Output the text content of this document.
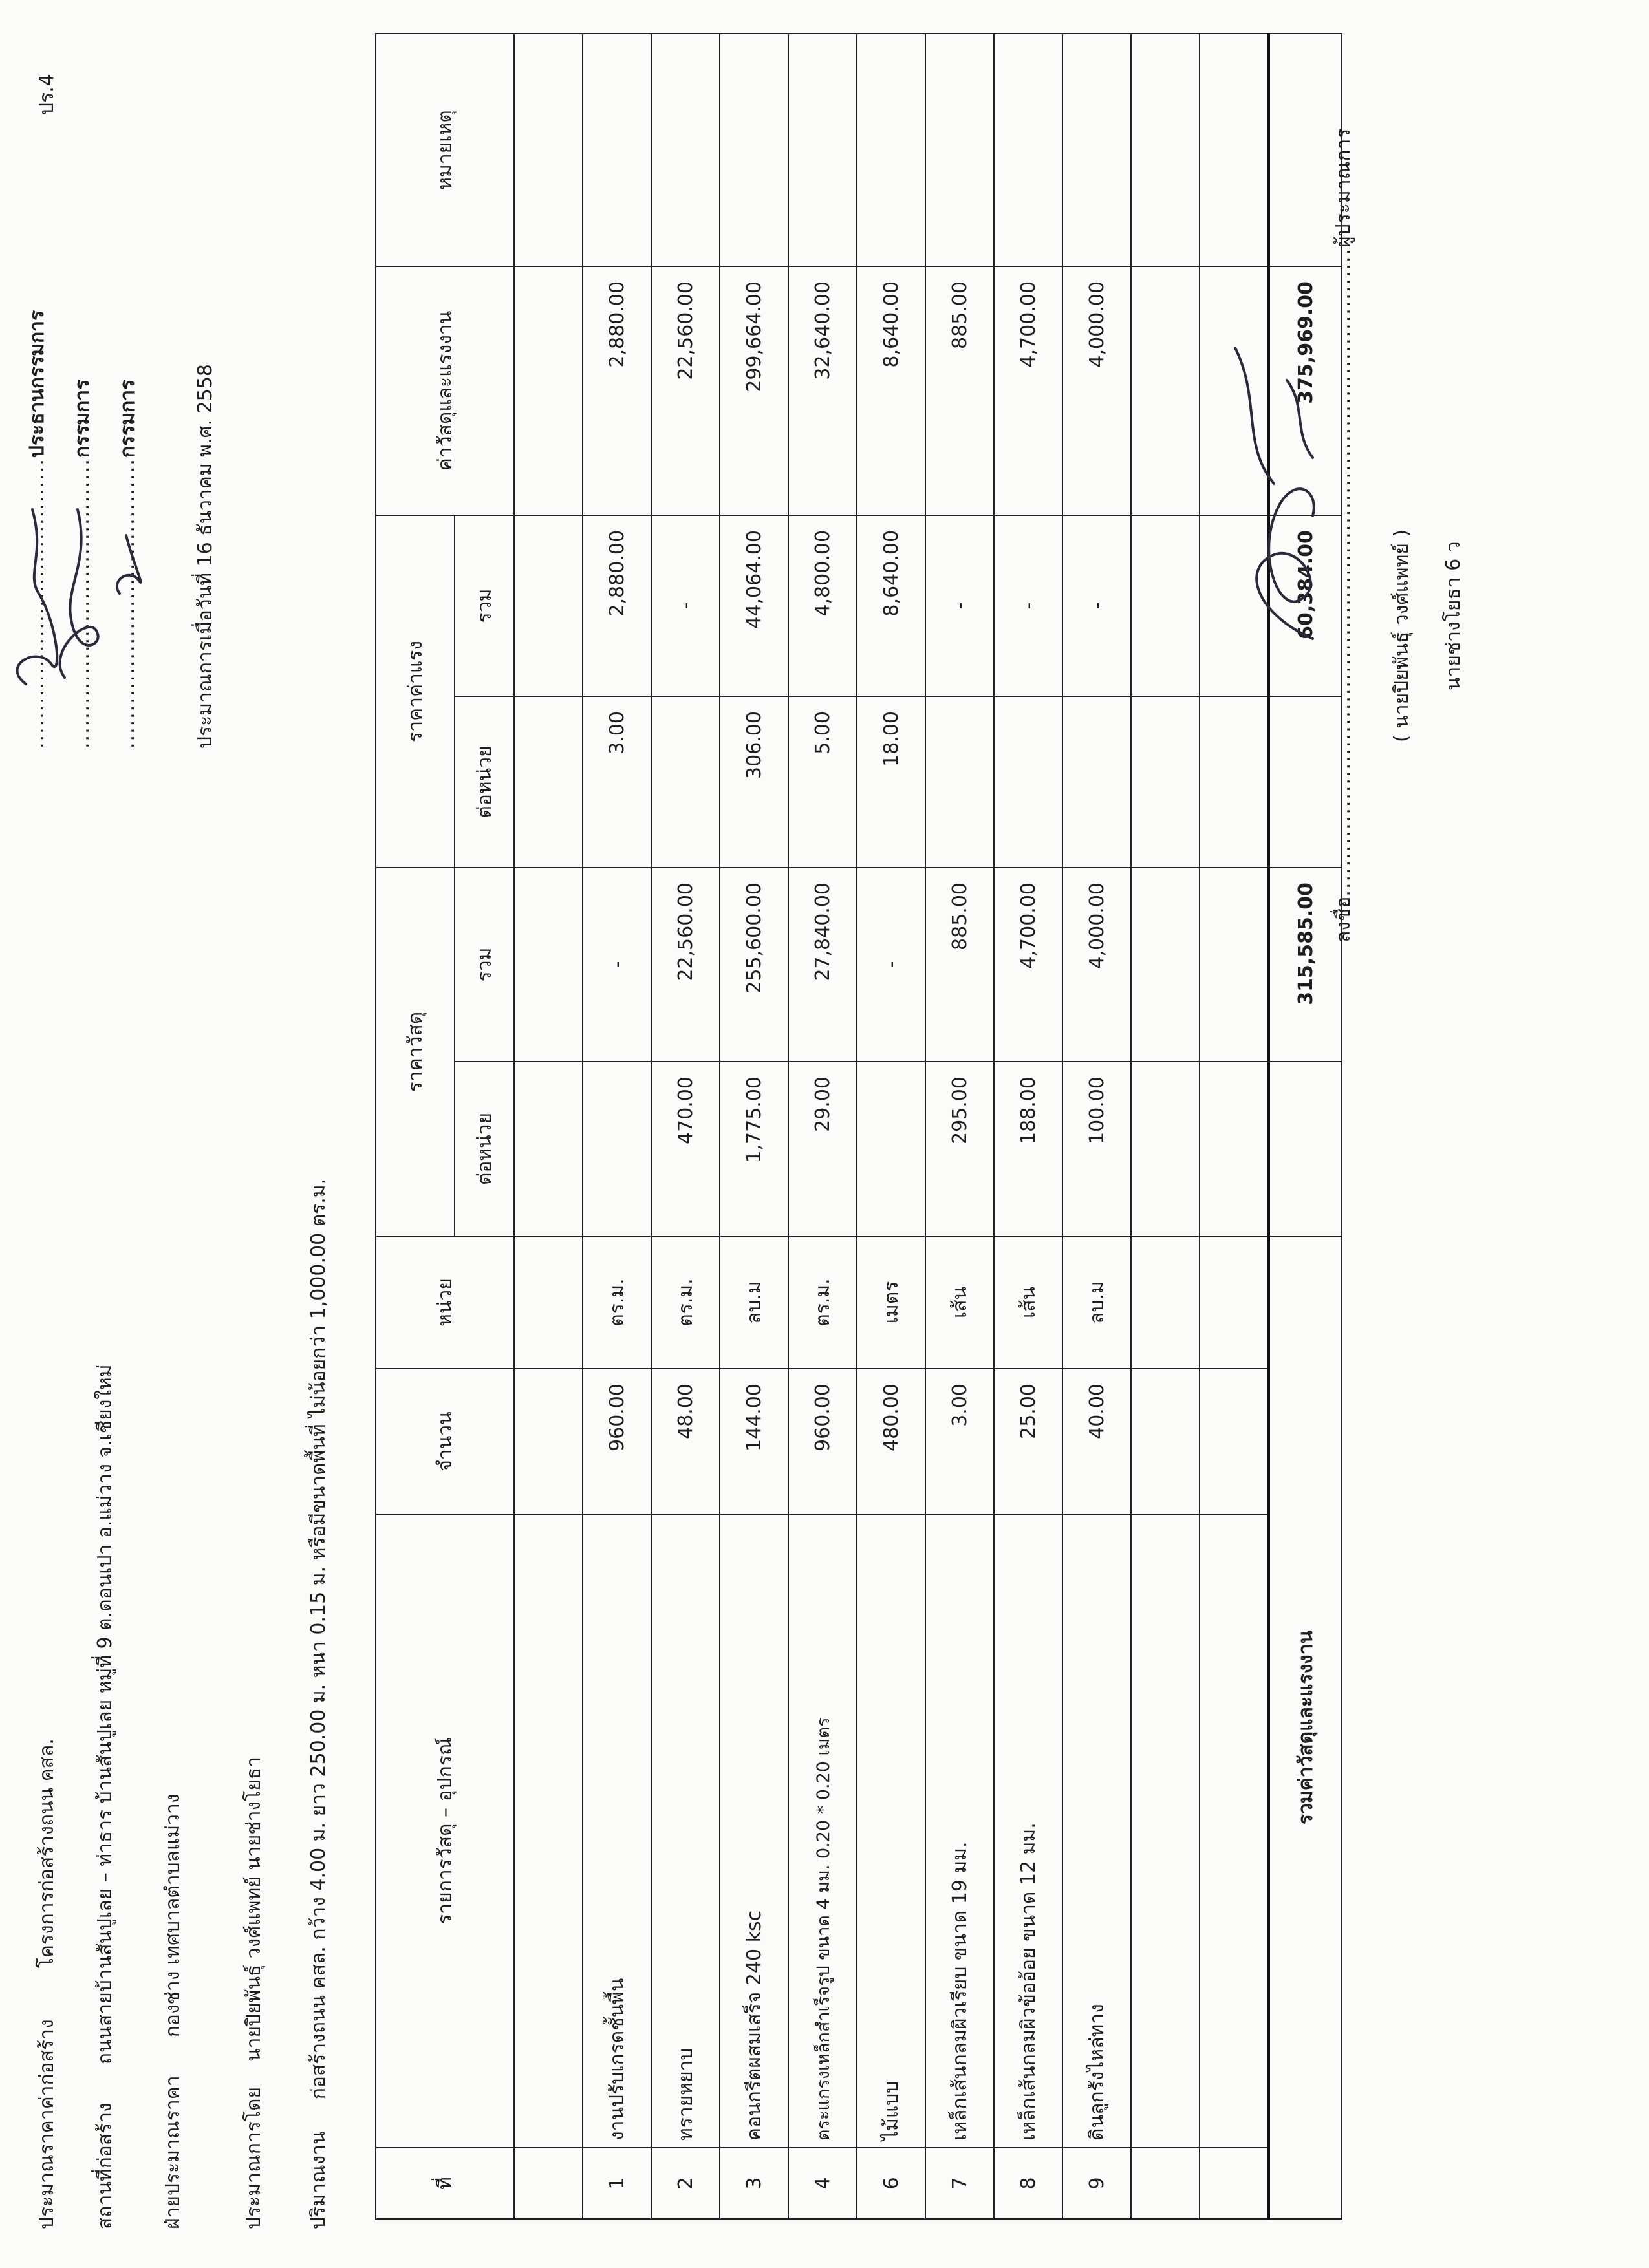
ประมาณราคาค่าก่อสร้าง  โครงการก่อสร้างถนน คสล.
ปร.4
สถานที่ก่อสร้าง  ถนนสายบ้านสันปูเลย – ท่าธาร บ้านสันปูเลย หมู่ที่ 9 ต.ดอนเปา อ.แม่วาง จ.เชียงใหม่
ฝ่ายประมาณราคา  กองช่าง เทศบาลตำบลแม่วาง
ประมาณการโดย  นายปิยพันธุ์ วงศ์แพทย์ นายช่างโยธา
ปริมาณงาน  ก่อสร้างถนน คสล. กว้าง 4.00 ม. ยาว 250.00 ม. หนา 0.15 ม. หรือมีขนาดพื้นที่ ไม่น้อยกว่า 1,000.00 ตร.ม.
.......................................ประธานกรรมการ
.......................................กรรมการ
.......................................กรรมการ	ประมาณการเมื่อวันที่ 16 ธันวาคม พ.ศ. 2558
ที่	รายการวัสดุ – อุปกรณ์	จำนวน	หน่วย	ราคาวัสดุ		ราคาค่าแรง		ค่าวัสดุและแรงงาน	หมายเหตุ
				ต่อหน่วย	รวม	ต่อหน่วย	รวม		

1	งานปรับเกรดชั้นพื้น	960.00	ตร.ม.		-	3.00	2,880.00	2,880.00	
2	ทรายหยาบ	48.00	ตร.ม.	470.00	22,560.00		-	22,560.00	
3	คอนกรีตผสมเสร็จ 240 ksc	144.00	ลบ.ม	1,775.00	255,600.00	306.00	44,064.00	299,664.00	
4	ตระแกรงเหล็กสำเร็จรูป ขนาด 4 มม. 0.20 * 0.20 เมตร	960.00	ตร.ม.	29.00	27,840.00	5.00	4,800.00	32,640.00	
6	ไม้แบบ	480.00	เมตร		-	18.00	8,640.00	8,640.00	
7	เหล็กเส้นกลมผิวเรียบ ขนาด 19 มม.	3.00	เส้น	295.00	885.00		-	885.00	
8	เหล็กเส้นกลมผิวข้ออ้อย ขนาด 12 มม.	25.00	เส้น	188.00	4,700.00		-	4,700.00	
9	ดินลูกรังไหล่ทาง	40.00	ลบ.ม	100.00	4,000.00		-	4,000.00	

รวมค่าวัสดุและแรงงาน					315,585.00		60,384.00	375,969.00	
ลงชื่อ.......................................................................................ผู้ประมาณการ
( นายปิยพันธุ์ วงศ์แพทย์ ) นายช่างโยธา 6 ว
